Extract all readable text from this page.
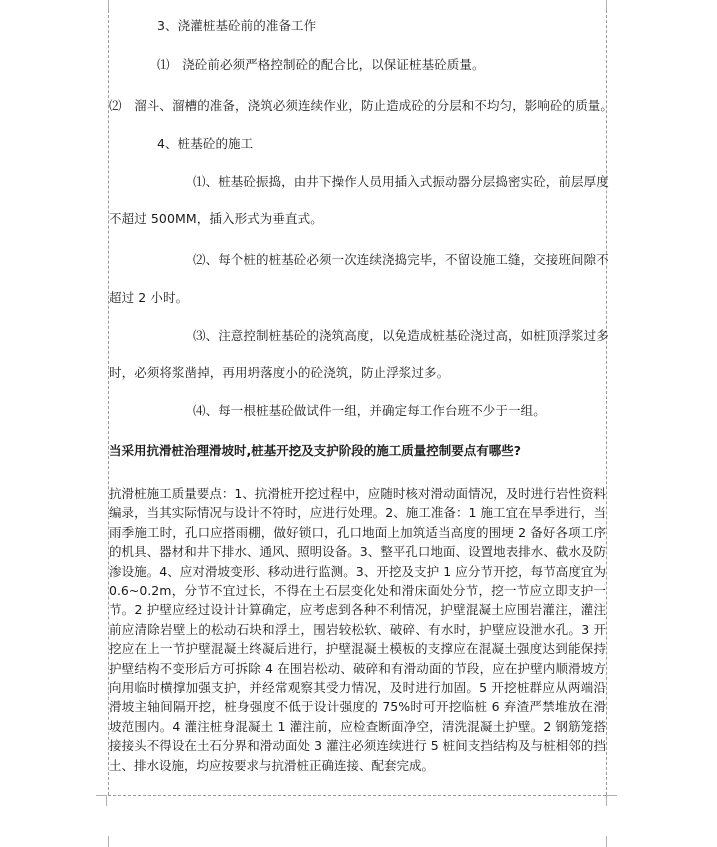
3、浇灌桩基砼前的准备工作
⑴　浇砼前必须严格控制砼的配合比，以保证桩基砼质量。
⑵　溜斗、溜槽的准备，浇筑必须连续作业，防止造成砼的分层和不均匀，影响砼的质量。
4、桩基砼的施工
⑴、桩基砼振捣，由井下操作人员用插入式振动器分层捣密实砼，前层厚度
不超过 500MM，插入形式为垂直式。
⑵、每个桩的桩基砼必须一次连续浇捣完毕，不留设施工缝，交接班间隙不
超过 2 小时。
⑶、注意控制桩基砼的浇筑高度，以免造成桩基砼浇过高，如桩顶浮浆过多
时，必须将浆凿掉，再用坍落度小的砼浇筑，防止浮浆过多。
⑷、每一根桩基砼做试件一组，并确定每工作台班不少于一组。
当采用抗滑桩治理滑坡时,桩基开挖及支护阶段的施工质量控制要点有哪些?
抗滑桩施工质量要点：1、抗滑桩开挖过程中，应随时核对滑动面情况，及时进行岩性资料编录，当其实际情况与设计不符时，应进行处理。2、施工准备：1 施工宜在旱季进行，当雨季施工时，孔口应搭雨棚，做好锁口，孔口地面上加筑适当高度的围埂 2 备好各项工序的机具、器材和井下排水、通风、照明设备。3、整平孔口地面、设置地表排水、截水及防渗设施。4、应对滑坡变形、移动进行监测。3、开挖及支护 1 应分节开挖，每节高度宜为 0.6~0.2m，分节不宜过长，不得在土石层变化处和滑床面处分节，挖一节应立即支护一节。2 护壁应经过设计计算确定，应考虑到各种不利情况，护壁混凝土应围岩灌注，灌注前应清除岩壁上的松动石块和浮土，围岩较松软、破碎、有水时，护壁应设泄水孔。3 开挖应在上一节护壁混凝土终凝后进行，护壁混凝土模板的支撑应在混凝土强度达到能保持护壁结构不变形后方可拆除 4 在围岩松动、破碎和有滑动面的节段，应在护壁内顺滑坡方向用临时横撑加强支护，并经常观察其受力情况，及时进行加固。5 开挖桩群应从两端沿滑坡主轴间隔开挖，桩身强度不低于设计强度的 75%时可开挖临桩 6 弃渣严禁堆放在滑坡范围内。4 灌注桩身混凝土 1 灌注前，应检查断面净空，清洗混凝土护壁。2 钢筋笼搭接接头不得设在土石分界和滑动面处 3 灌注必须连续进行 5 桩间支挡结构及与桩相邻的挡土、排水设施，均应按要求与抗滑桩正确连接、配套完成。
